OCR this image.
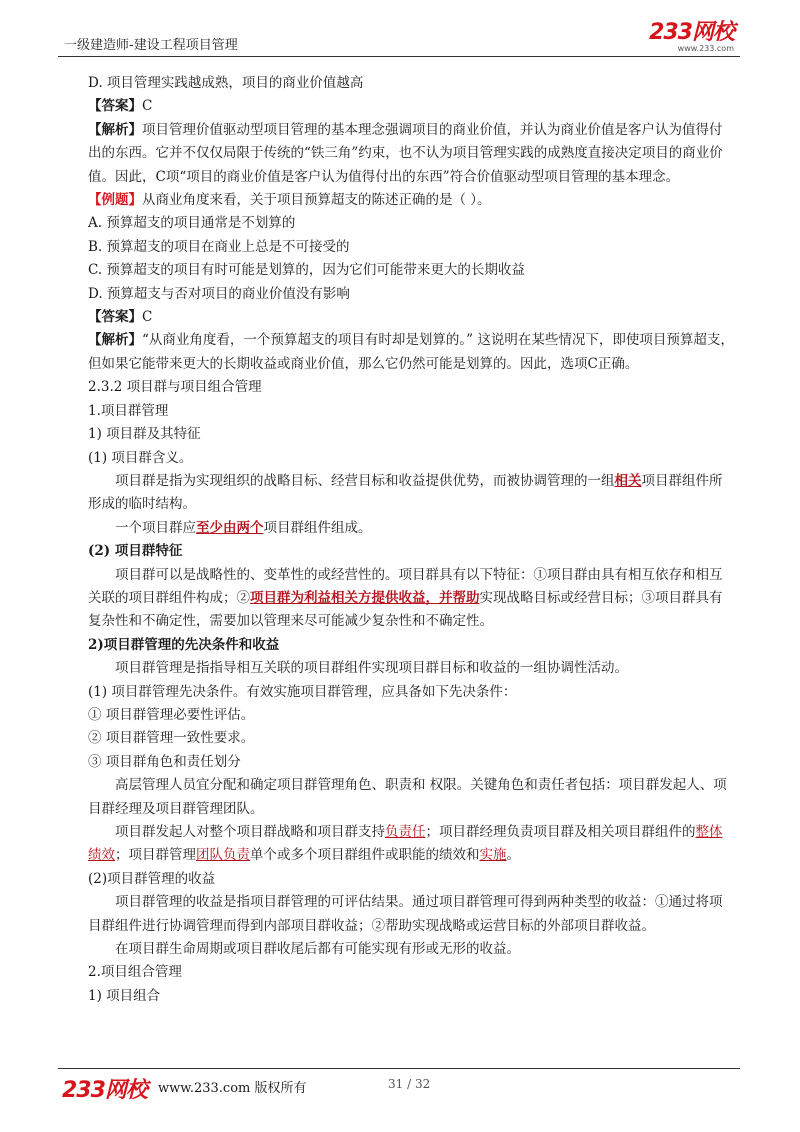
一级建造师-建设工程项目管理
233网校
www.233.com

D. 项目管理实践越成熟，项目的商业价值越高

【答案】C

【解析】项目管理价值驱动型项目管理的基本理念强调项目的商业价值，并认为商业价值是客户认为值得付出的东西。它并不仅仅局限于传统的“铁三角”约束，也不认为项目管理实践的成熟度直接决定项目的商业价值。因此，C项“项目的商业价值是客户认为值得付出的东西”符合价值驱动型项目管理的基本理念。

【例题】从商业角度来看，关于项目预算超支的陈述正确的是（ ）。

A. 预算超支的项目通常是不划算的

B. 预算超支的项目在商业上总是不可接受的

C. 预算超支的项目有时可能是划算的，因为它们可能带来更大的长期收益

D. 预算超支与否对项目的商业价值没有影响

【答案】C

【解析】“从商业角度看，一个预算超支的项目有时却是划算的。” 这说明在某些情况下，即使项目预算超支，但如果它能带来更大的长期收益或商业价值，那么它仍然可能是划算的。因此，选项C正确。

2.3.2 项目群与项目组合管理

1.项目群管理

1) 项目群及其特征

(1) 项目群含义。

项目群是指为实现组织的战略目标、经营目标和收益提供优势，而被协调管理的一组相关项目群组件所形成的临时结构。

一个项目群应至少由两个项目群组件组成。

(2) 项目群特征

项目群可以是战略性的、变革性的或经营性的。项目群具有以下特征：①项目群由具有相互依存和相互关联的项目群组件构成；②项目群为利益相关方提供收益，并帮助实现战略目标或经营目标；③项目群具有复杂性和不确定性，需要加以管理来尽可能减少复杂性和不确定性。

2)项目群管理的先决条件和收益

项目群管理是指指导相互关联的项目群组件实现项目群目标和收益的一组协调性活动。

(1) 项目群管理先决条件。有效实施项目群管理，应具备如下先决条件：

① 项目群管理必要性评估。

② 项目群管理一致性要求。

③ 项目群角色和责任划分

高层管理人员宜分配和确定项目群管理角色、职责和 权限。关键角色和责任者包括：项目群发起人、项目群经理及项目群管理团队。

项目群发起人对整个项目群战略和项目群支持负责任；项目群经理负责项目群及相关项目群组件的整体绩效；项目群管理团队负责单个或多个项目群组件或职能的绩效和实施。

(2)项目群管理的收益

项目群管理的收益是指项目群管理的可评估结果。通过项目群管理可得到两种类型的收益：①通过将项目群组件进行协调管理而得到内部项目群收益；②帮助实现战略或运营目标的外部项目群收益。

在项目群生命周期或项目群收尾后都有可能实现有形或无形的收益。

2.项目组合管理

1) 项目组合

233网校 www.233.com 版权所有	31 / 32
